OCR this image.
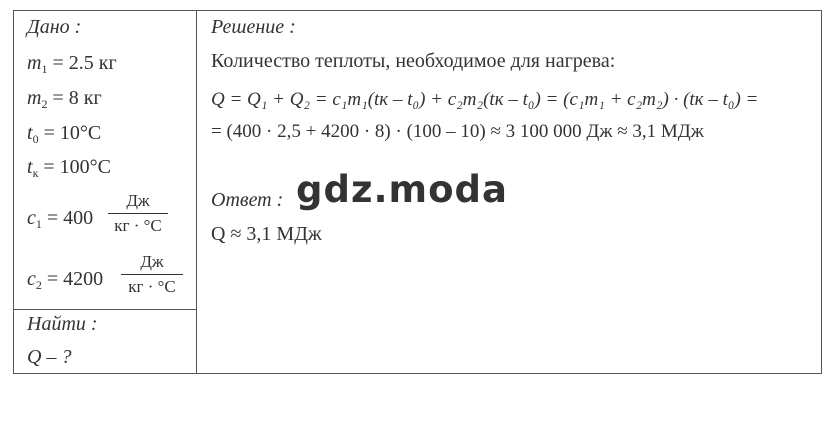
Дано :
$m_1 = 2.5$ кг
$m_2 = 8$ кг
$t_0 = 10^\circ C$
$t_к = 100^\circ C$
$c_1 = 400$
Дж
кг · °C
$c_2 = 4200$
Дж
кг · °C
Найти :
Q – ?
Решение :
Количество теплоты, необходимое для нагрева:
Q = Q₁ + Q₂ = c₁m₁(tк – t₀) + c₂m₂(tк – t₀) = (c₁m₁ + c₂m₂) · (tк – t₀) =
= (400 · 2,5 + 4200 · 8) · (100 – 10) ≈ 3 100 000 Дж ≈ 3,1 МДж
Ответ :
Q ≈ 3,1 МДж
gdz.moda
